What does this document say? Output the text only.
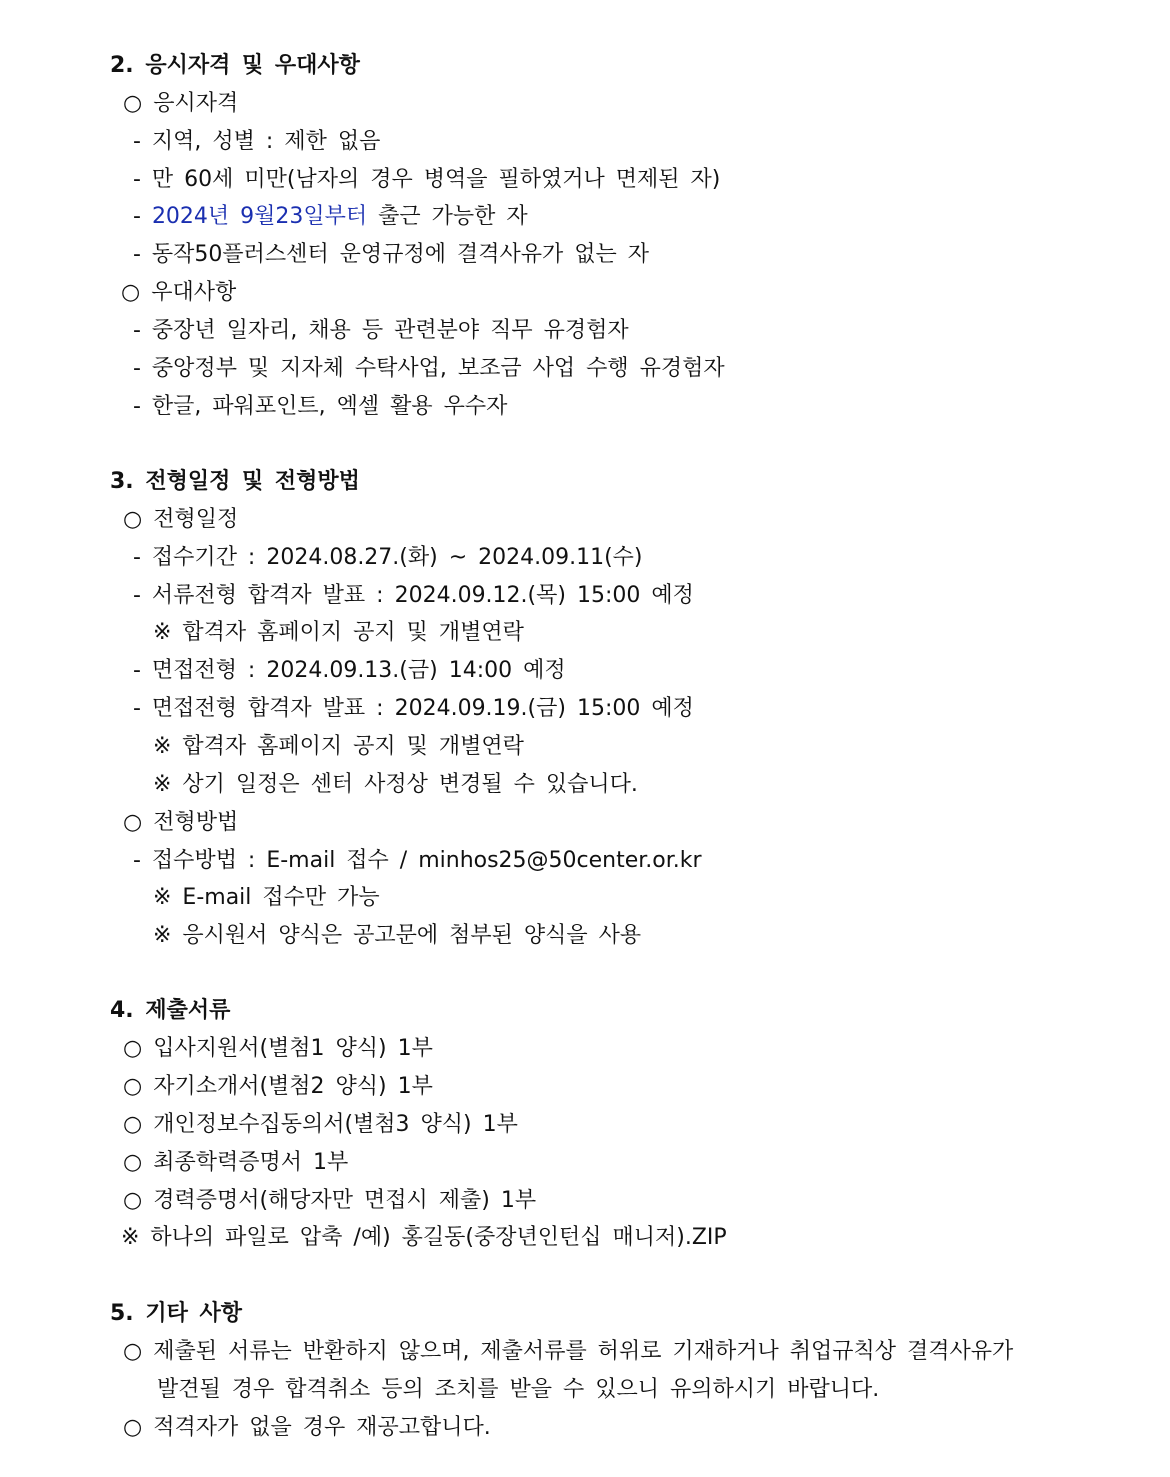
2. 응시자격 및 우대사항
○ 응시자격
- 지역, 성별 : 제한 없음
- 만 60세 미만(남자의 경우 병역을 필하였거나 면제된 자)
- 2024년 9월23일부터 출근 가능한 자
- 동작50플러스센터 운영규정에 결격사유가 없는 자
○ 우대사항
- 중장년 일자리, 채용 등 관련분야 직무 유경험자
- 중앙정부 및 지자체 수탁사업, 보조금 사업 수행 유경험자
- 한글, 파워포인트, 엑셀 활용 우수자
3. 전형일정 및 전형방법
○ 전형일정
- 접수기간 : 2024.08.27.(화) ~ 2024.09.11(수)
- 서류전형 합격자 발표 : 2024.09.12.(목) 15:00 예정
※ 합격자 홈페이지 공지 및 개별연락
- 면접전형 : 2024.09.13.(금) 14:00 예정
- 면접전형 합격자 발표 : 2024.09.19.(금) 15:00 예정
※ 합격자 홈페이지 공지 및 개별연락
※ 상기 일정은 센터 사정상 변경될 수 있습니다.
○ 전형방법
- 접수방법 : E-mail 접수 / minhos25@50center.or.kr
※ E-mail 접수만 가능
※ 응시원서 양식은 공고문에 첨부된 양식을 사용
4. 제출서류
○ 입사지원서(별첨1 양식) 1부
○ 자기소개서(별첨2 양식) 1부
○ 개인정보수집동의서(별첨3 양식) 1부
○ 최종학력증명서 1부
○ 경력증명서(해당자만 면접시 제출) 1부
※ 하나의 파일로 압축 /예) 홍길동(중장년인턴십 매니저).ZIP
5. 기타 사항
○ 제출된 서류는 반환하지 않으며, 제출서류를 허위로 기재하거나 취업규칙상 결격사유가
발견될 경우 합격취소 등의 조치를 받을 수 있으니 유의하시기 바랍니다.
○ 적격자가 없을 경우 재공고합니다.
